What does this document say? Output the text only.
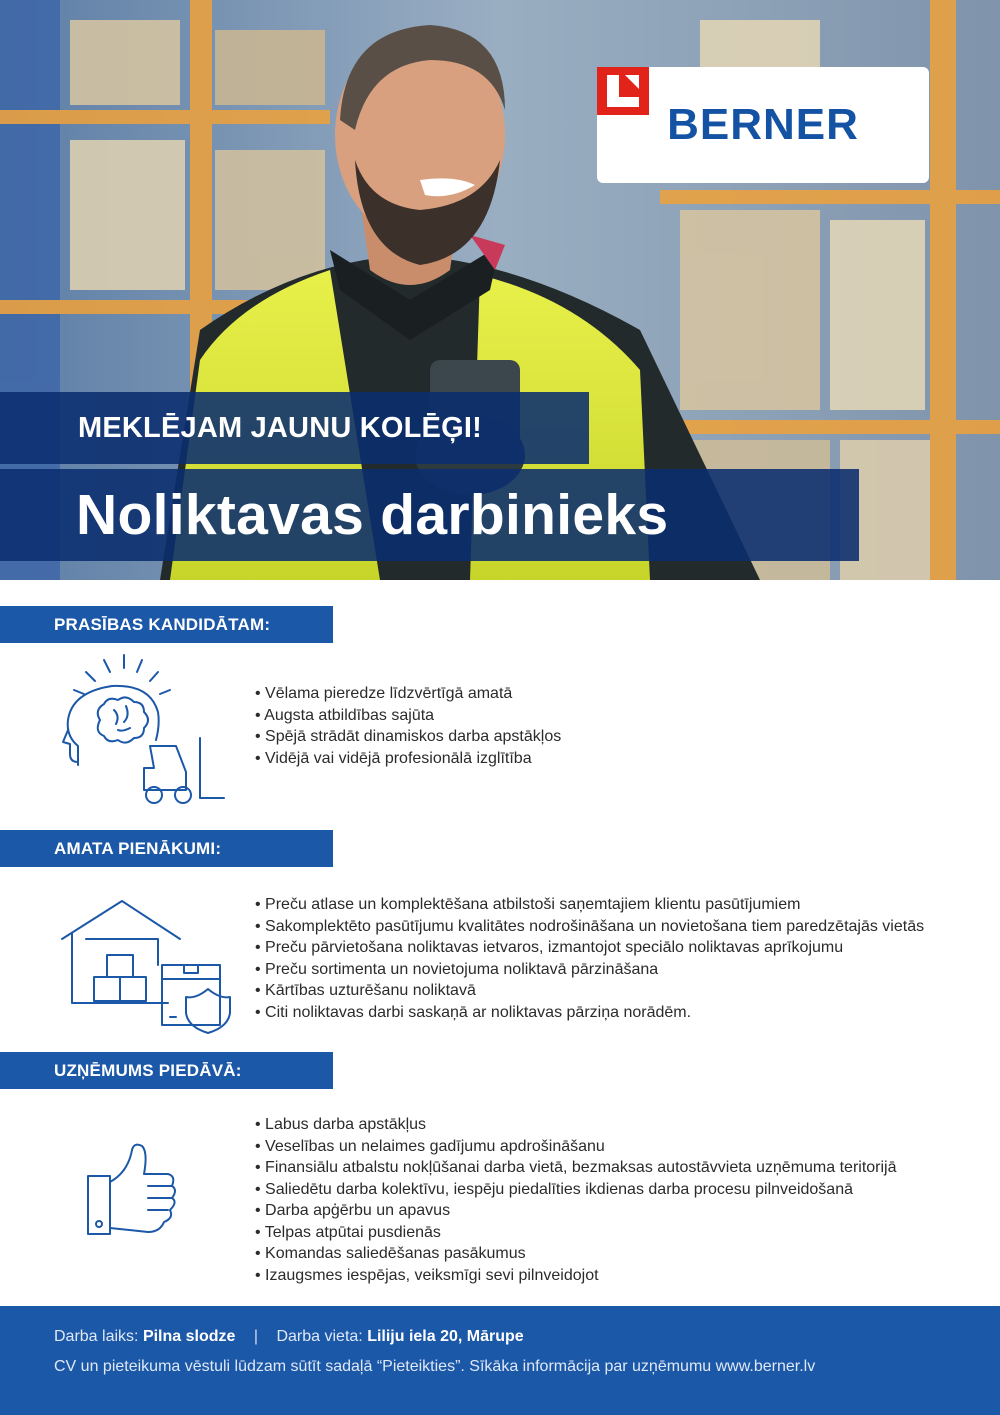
BERNER
MEKLĒJAM JAUNU KOLĒĢI!
Noliktavas darbinieks
PRASĪBAS KANDIDĀTAM:
• Vēlama pieredze līdzvērtīgā amatā
• Augsta atbildības sajūta
• Spējā strādāt dinamiskos darba apstākļos
• Vidējā vai vidējā profesionālā izglītība
AMATA PIENĀKUMI:
• Preču atlase un komplektēšana atbilstoši saņemtajiem klientu pasūtījumiem
• Sakomplektēto pasūtījumu kvalitātes nodrošināšana un novietošana tiem paredzētajās vietās
• Preču pārvietošana noliktavas ietvaros, izmantojot speciālo noliktavas aprīkojumu
• Preču sortimenta un novietojuma noliktavā pārzināšana
• Kārtības uzturēšanu noliktavā
• Citi noliktavas darbi saskaņā ar noliktavas pārziņa norādēm.
UZŅĒMUMS PIEDĀVĀ:
• Labus darba apstākļus
• Veselības un nelaimes gadījumu apdrošināšanu
• Finansiālu atbalstu nokļūšanai darba vietā, bezmaksas autostāvvieta uzņēmuma teritorijā
• Saliedētu darba kolektīvu, iespēju piedalīties ikdienas darba procesu pilnveidošanā
• Darba apģērbu un apavus
• Telpas atpūtai pusdienās
• Komandas saliedēšanas pasākumus
• Izaugsmes iespējas, veiksmīgi sevi pilnveidojot
Darba laiks: Pilna slodze | Darba vieta: Liliju iela 20, Mārupe
CV un pieteikuma vēstuli lūdzam sūtīt sadaļā “Pieteikties”. Sīkāka informācija par uzņēmumu www.berner.lv
